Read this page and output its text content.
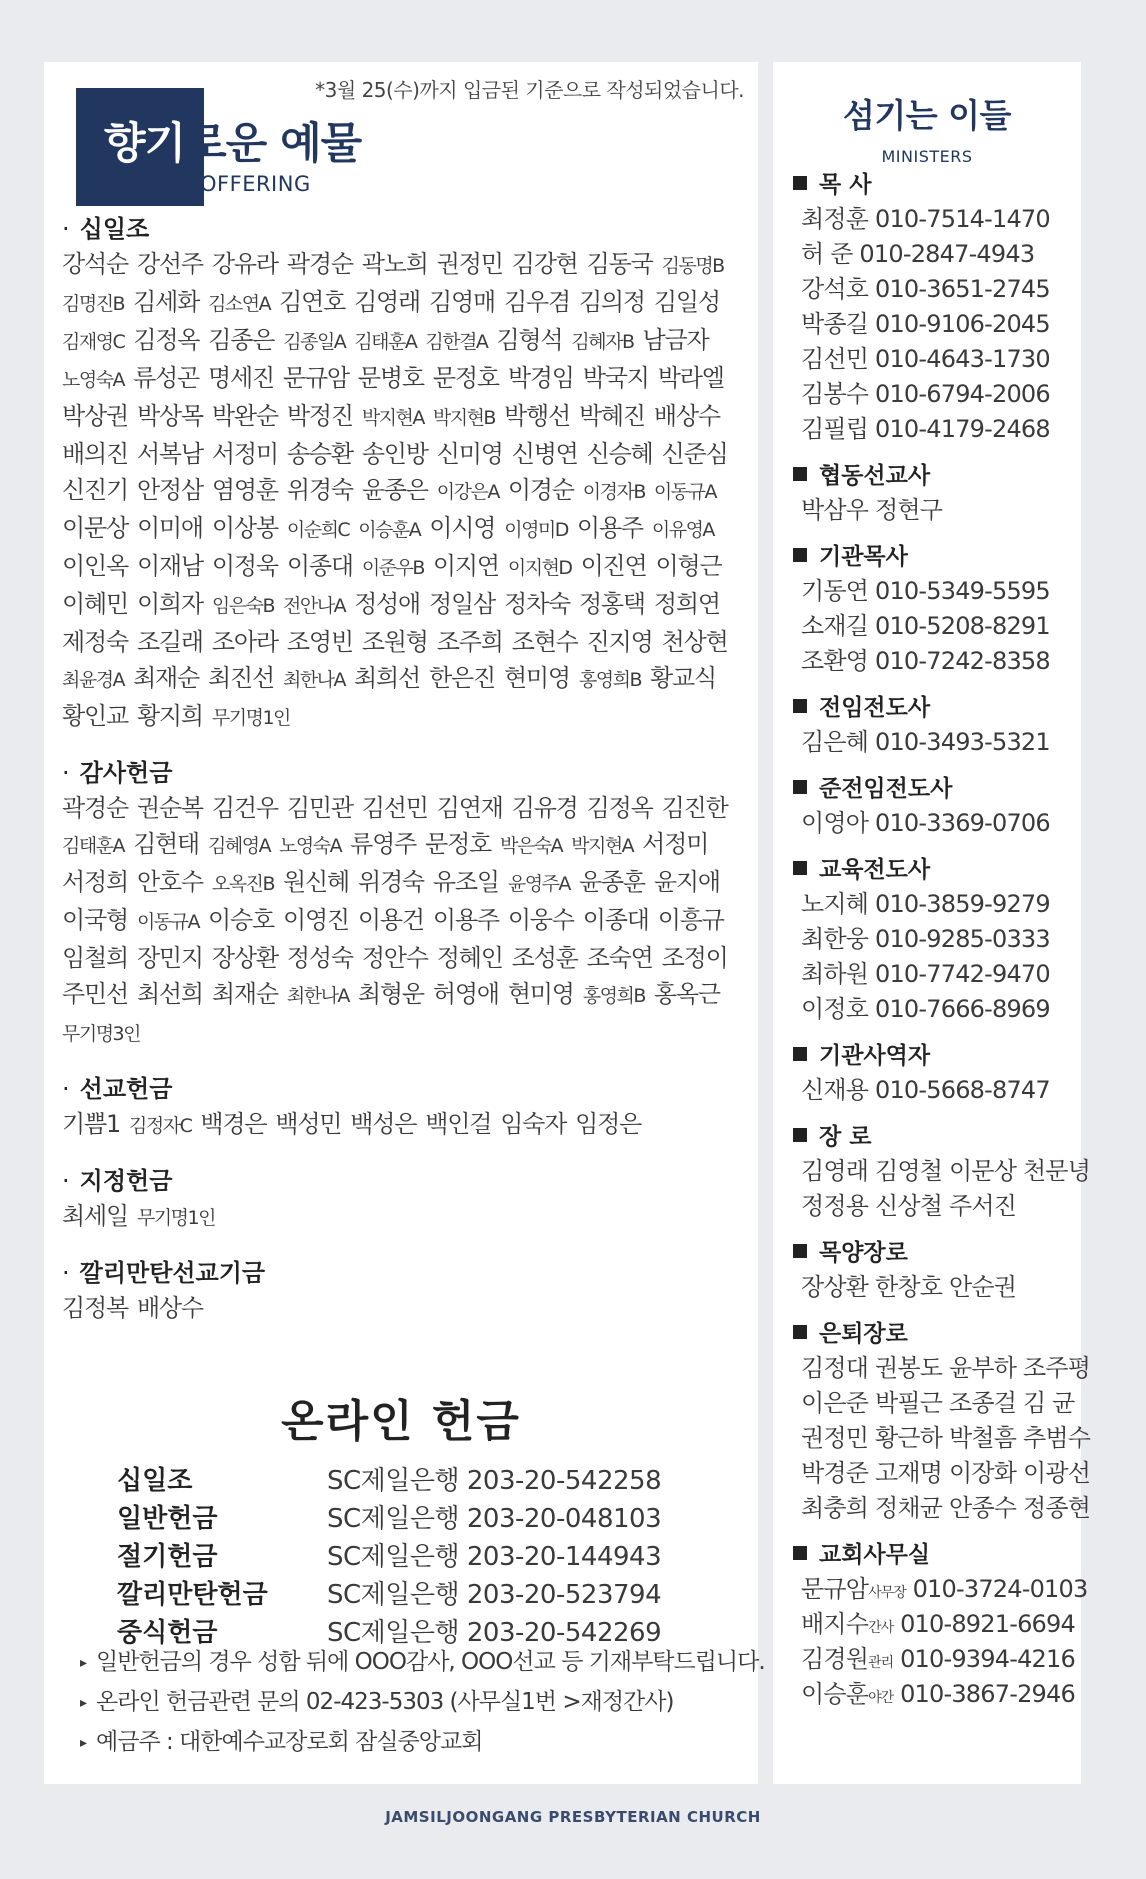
*3월 25(수)까지 입금된 기준으로 작성되었습니다.
향기로운 예물
OFFERING
· 십일조
강석순 강선주 강유라 곽경순 곽노희 권정민 김강현 김동국 김동명B김명진B 김세화 김소연A 김연호 김영래 김영매 김우겸 김의정 김일성김재영C 김정옥 김종은 김종일A 김태훈A 김한결A 김형석 김혜자B 남금자노영숙A 류성곤 명세진 문규암 문병호 문정호 박경임 박국지 박라엘박상권 박상목 박완순 박정진 박지현A 박지현B 박행선 박혜진 배상수배의진 서복남 서정미 송승환 송인방 신미영 신병연 신승혜 신준심신진기 안정삼 염영훈 위경숙 윤종은 이강은A 이경순 이경자B 이동규A이문상 이미애 이상봉 이순희C 이승훈A 이시영 이영미D 이용주 이유영A이인옥 이재남 이정욱 이종대 이준우B 이지연 이지현D 이진연 이형근이혜민 이희자 임은숙B 전안나A 정성애 정일삼 정차숙 정홍택 정희연제정숙 조길래 조아라 조영빈 조원형 조주희 조현수 진지영 천상현최윤경A 최재순 최진선 최한나A 최희선 한은진 현미영 홍영희B 황교식황인교 황지희 무기명1인
· 감사헌금
곽경순 권순복 김건우 김민관 김선민 김연재 김유경 김정옥 김진한김태훈A 김현태 김혜영A 노영숙A 류영주 문정호 박은숙A 박지현A 서정미서정희 안호수 오옥진B 원신혜 위경숙 유조일 윤영주A 윤종훈 윤지애이국형 이동규A 이승호 이영진 이용건 이용주 이웅수 이종대 이흥규임철희 장민지 장상환 정성숙 정안수 정혜인 조성훈 조숙연 조정이주민선 최선희 최재순 최한나A 최형운 허영애 현미영 홍영희B 홍옥근무기명3인
· 선교헌금
기쁨1 김정자C 백경은 백성민 백성은 백인걸 임숙자 임정은
· 지정헌금
최세일 무기명1인
· 깔리만탄선교기금
김정복 배상수
온라인 헌금
십일조	SC제일은행 203-20-542258
일반헌금	SC제일은행 203-20-048103
절기헌금	SC제일은행 203-20-144943
깔리만탄헌금 SC제일은행 203-20-523794
중식헌금	SC제일은행 203-20-542269
▸ 일반헌금의 경우 성함 뒤에 OOO감사, OOO선교 등 기재부탁드립니다.
▸ 온라인 헌금관련 문의 02-423-5303 (사무실1번 >재정간사)
▸ 예금주 : 대한예수교장로회 잠실중앙교회
섬기는 이들
MINISTERS
목 사
최정훈 010-7514-1470
허 준 010-2847-4943
강석호 010-3651-2745
박종길 010-9106-2045
김선민 010-4643-1730
김봉수 010-6794-2006
김필립 010-4179-2468
협동선교사
박삼우 정현구
기관목사
기동연 010-5349-5595
소재길 010-5208-8291
조환영 010-7242-8358
전임전도사
김은혜 010-3493-5321
준전임전도사
이영아 010-3369-0706
교육전도사
노지혜 010-3859-9279
최한웅 010-9285-0333
최하원 010-7742-9470
이정호 010-7666-8969
기관사역자
신재용 010-5668-8747
장 로
김영래 김영철 이문상 천문녕
정정용 신상철 주서진
목양장로
장상환 한창호 안순권
은퇴장로
김정대 권봉도 윤부하 조주평
이은준 박필근 조종걸 김 균
권정민 황근하 박철흠 추범수
박경준 고재명 이장화 이광선
최충희 정채균 안종수 정종현
교회사무실
문규암사무장 010-3724-0103
배지수간사 010-8921-6694
김경원관리 010-9394-4216
이승훈야간 010-3867-2946
JAMSILJOONGANG PRESBYTERIAN CHURCH
